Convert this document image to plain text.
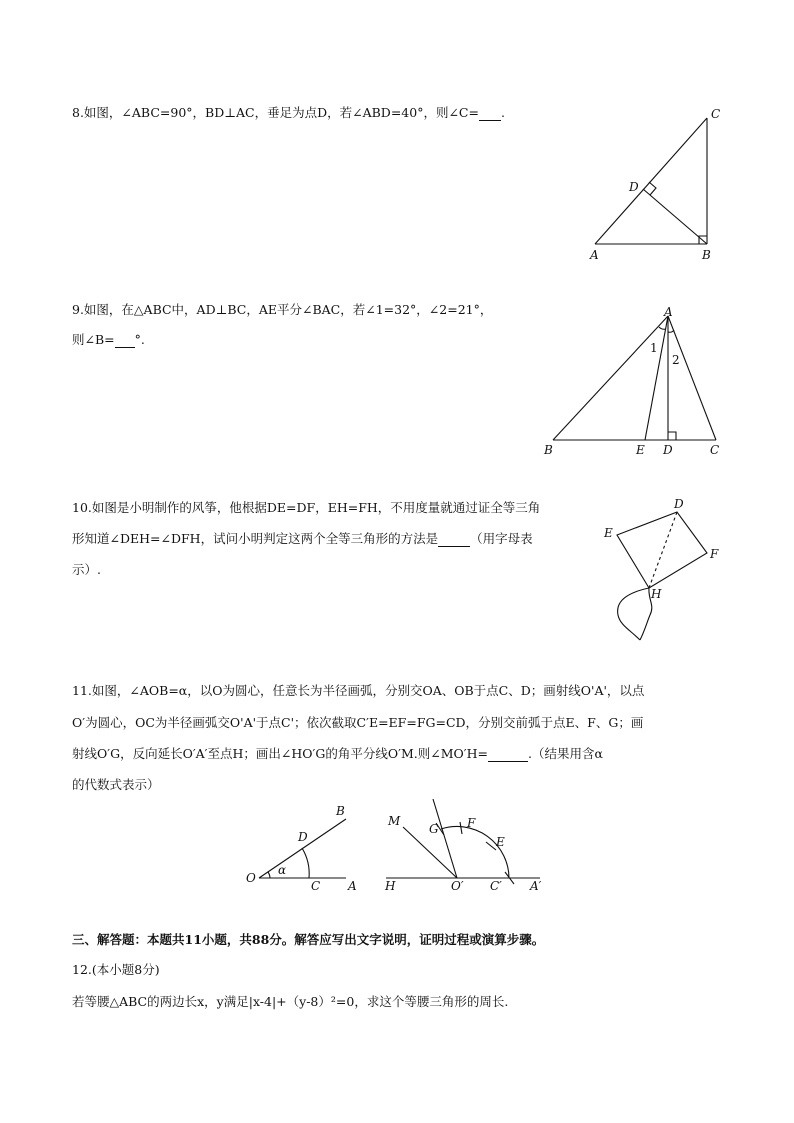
8.如图，∠ABC=90°，BD⊥AC，垂足为点D，若∠ABD=40°，则∠C= .
9.如图，在△ABC中，AD⊥BC，AE平分∠BAC，若∠1=32°，∠2=21°，
则∠B= °.
10.如图是小明制作的风筝，他根据DE=DF，EH=FH，不用度量就通过证全等三角
形知道∠DEH=∠DFH，试问小明判定这两个全等三角形的方法是	（用字母表
示）.
11.如图，∠AOB=α，以O为圆心，任意长为半径画弧，分别交OA、OB于点C、D；画射线O'A'，以点
O′为圆心，OC为半径画弧交O'A'于点C'；依次截取C′E=EF=FG=CD，分别交前弧于点E、F、G；画
射线O′G，反向延长O′A′至点H；画出∠HO′G的角平分线O′M.则∠MO′H=	.（结果用含α
的代数式表示）
三、解答题：本题共11小题，共88分。解答应写出文字说明，证明过程或演算步骤。
12.(本小题8分)
若等腰△ABC的两边长x，y满足|x-4|+（y-8）²=0，求这个等腰三角形的周长.
C
D
A	B
A
1
2
B	E D	C
D
E
F
H
O
α
D
B
C A
M
G F
E
H	O′ C′ A′
